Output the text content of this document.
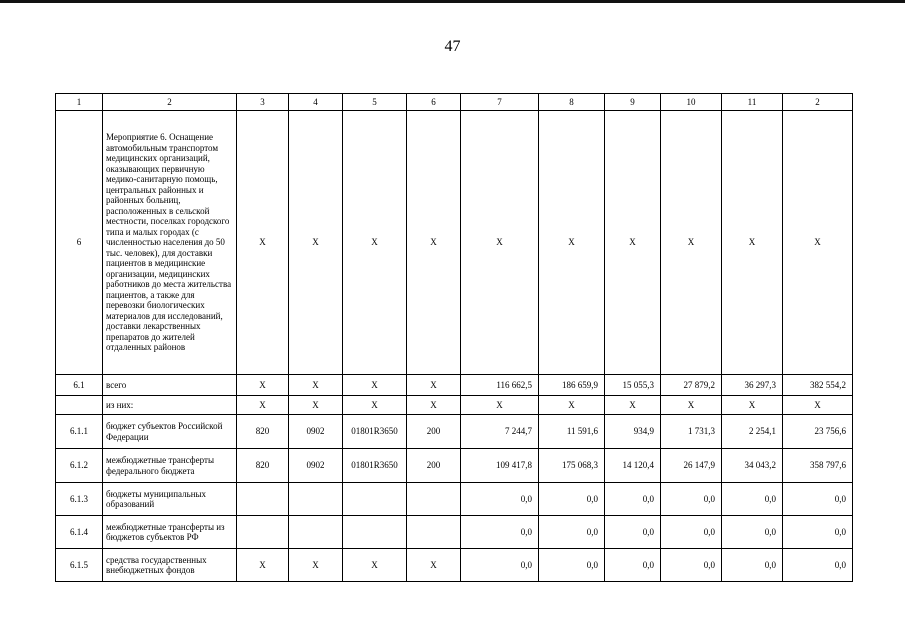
47
1	2	3	4	5	6	7	8	9	10	11	2
6	Мероприятие 6. Оснащение автомобильным транспортом медицинских организаций, оказывающих первичную медико-санитарную помощь, центральных районных и районных больниц, расположенных в сельской местности, поселках городского типа и малых городах (с численностью населения до 50 тыс. человек), для доставки пациентов в медицинские организации, медицинских работников до места жительства пациентов, а также для перевозки биологических материалов для исследований, доставки лекарственных препаратов до жителей отдаленных районов	X	X	X	X	X	X	X	X	X	X
6.1	всего	X	X	X	X	116 662,5	186 659,9	15 055,3	27 879,2	36 297,3	382 554,2
	из них:	X	X	X	X	X	X	X	X	X	X
6.1.1	бюджет субъектов Российской Федерации	820	0902	01801R3650	200	7 244,7	11 591,6	934,9	1 731,3	2 254,1	23 756,6
6.1.2	межбюджетные трансферты федерального бюджета	820	0902	01801R3650	200	109 417,8	175 068,3	14 120,4	26 147,9	34 043,2	358 797,6
6.1.3	бюджеты муниципальных образований					0,0	0,0	0,0	0,0	0,0	0,0
6.1.4	межбюджетные трансферты из бюджетов субъектов РФ					0,0	0,0	0,0	0,0	0,0	0,0
6.1.5	средства государственных внебюджетных фондов	X	X	X	X	0,0	0,0	0,0	0,0	0,0	0,0
